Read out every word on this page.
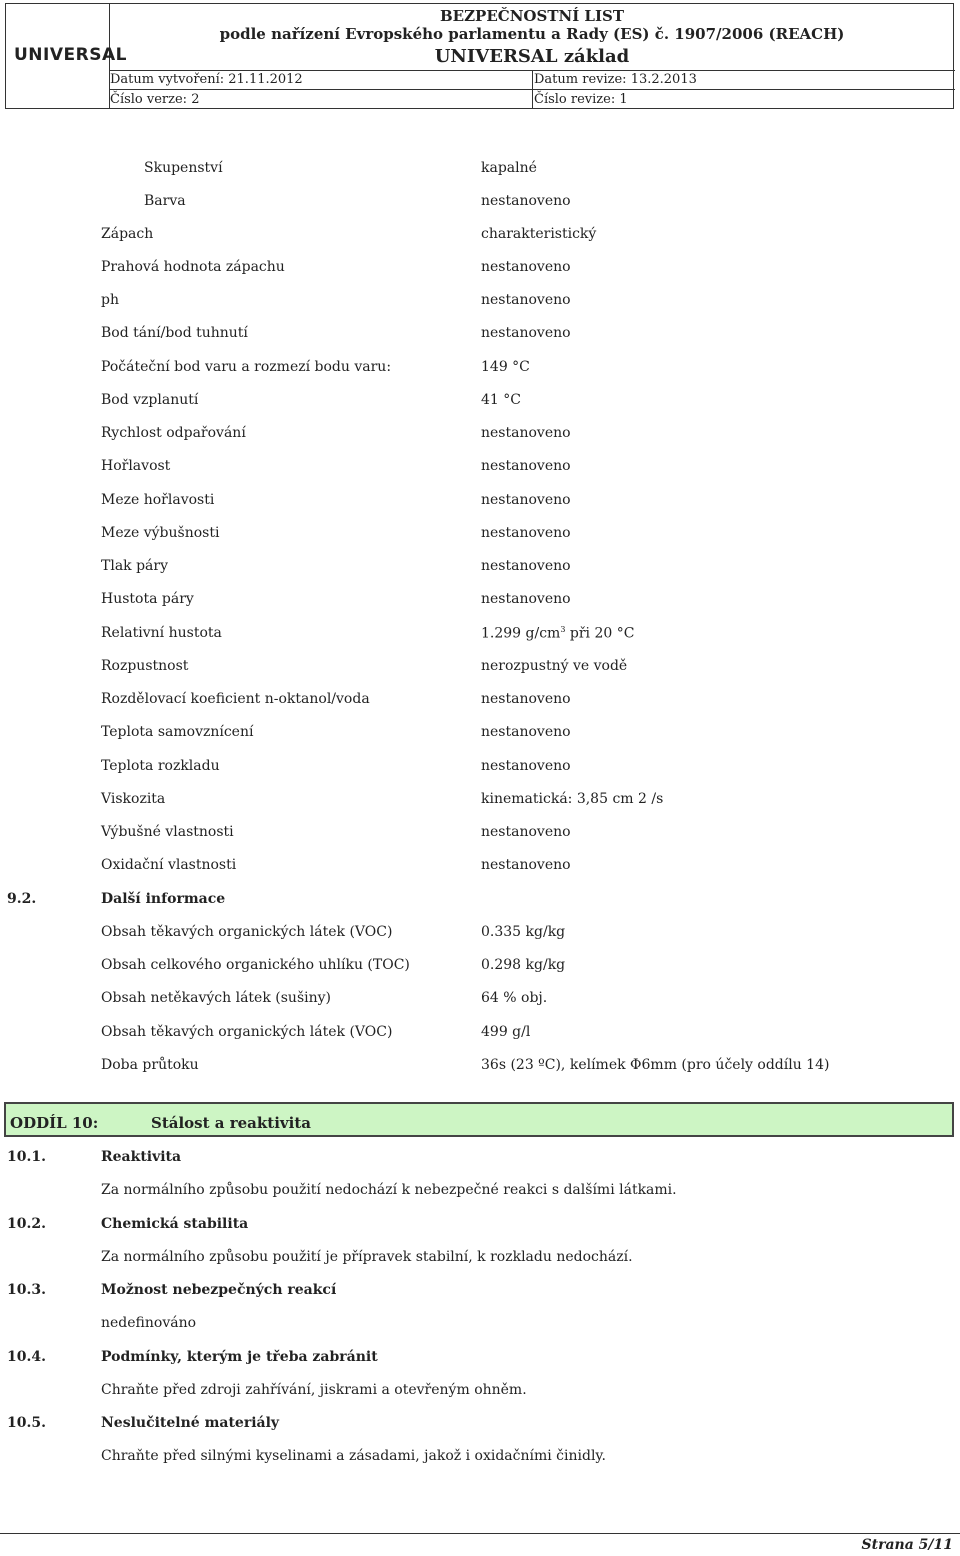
UNIVERSAL
BEZPEČNOSTNÍ LIST
podle nařízení Evropského parlamentu a Rady (ES) č. 1907/2006 (REACH)
UNIVERSAL základ
Datum vytvoření: 21.11.2012	Datum revize: 13.2.2013
Číslo verze: 2	Číslo revize: 1
Skupenství	kapalné
Barva	nestanoveno
Zápach	charakteristický
Prahová hodnota zápachu	nestanoveno
ph	nestanoveno
Bod tání/bod tuhnutí	nestanoveno
Počáteční bod varu a rozmezí bodu varu:	149 °C
Bod vzplanutí	41 °C
Rychlost odpařování	nestanoveno
Hořlavost	nestanoveno
Meze hořlavosti	nestanoveno
Meze výbušnosti	nestanoveno
Tlak páry	nestanoveno
Hustota páry	nestanoveno
Relativní hustota	1.299 $g/cm^3$ při 20 °C
Rozpustnost	nerozpustný ve vodě
Rozdělovací koeficient n-oktanol/voda	nestanoveno
Teplota samovznícení	nestanoveno
Teplota rozkladu	nestanoveno
Viskozita	kinematická: 3,85 cm 2 /s
Výbušné vlastnosti	nestanoveno
Oxidační vlastnosti	nestanoveno
9.2.	Další informace
Obsah těkavých organických látek (VOC)	0.335 kg/kg
Obsah celkového organického uhlíku (TOC)	0.298 kg/kg
Obsah netěkavých látek (sušiny)	64 % obj.
Obsah těkavých organických látek (VOC)	499 g/l
Doba průtoku	36s (23 ºC), kelímek Φ6mm (pro účely oddílu 14)
ODDÍL 10:	Stálost a reaktivita
10.1.	Reaktivita
Za normálního způsobu použití nedochází k nebezpečné reakci s dalšími látkami.
10.2.	Chemická stabilita
Za normálního způsobu použití je přípravek stabilní, k rozkladu nedochází.
10.3.	Možnost nebezpečných reakcí
nedefinováno
10.4.	Podmínky, kterým je třeba zabránit
Chraňte před zdroji zahřívání, jiskrami a otevřeným ohněm.
10.5.	Neslučitelné materiály
Chraňte před silnými kyselinami a zásadami, jakož i oxidačními činidly.
Strana 5/11
